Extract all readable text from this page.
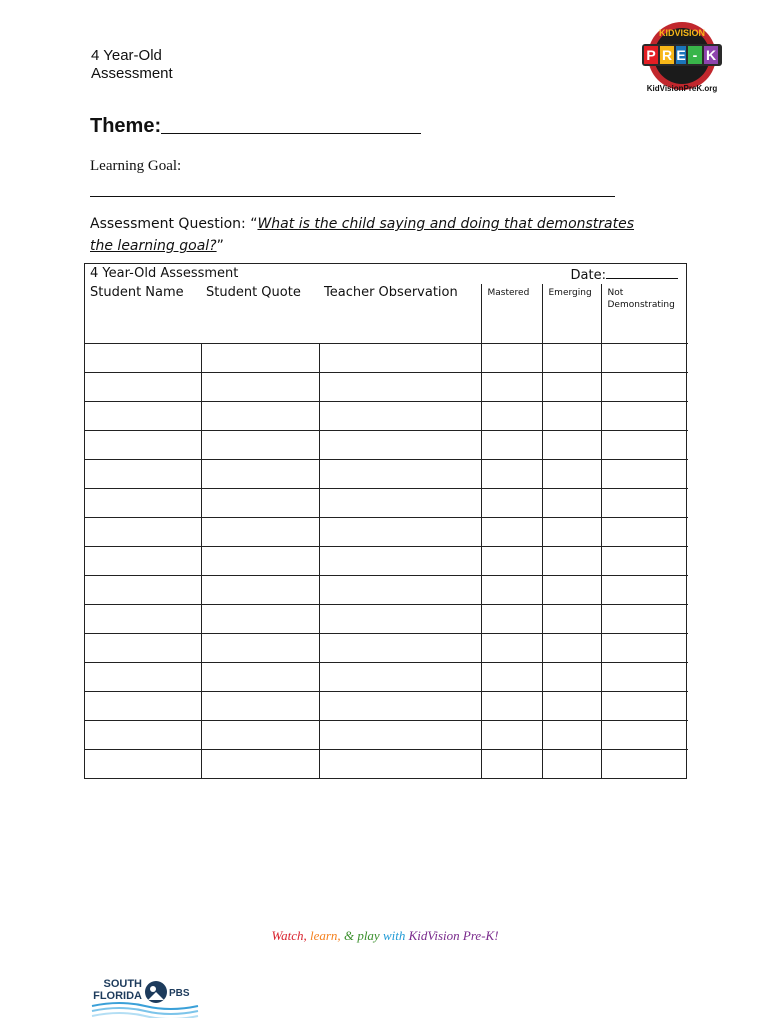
4 Year-Old
Assessment
P R E - K
KIDVISION
KidVisionPreK.org
Theme:
Learning Goal:
Assessment Question: “What is the child saying and doing that demonstrates the learning goal?”
4 Year-Old Assessment	Date:
Student Name	Student Quote	Teacher Observation	Mastered	Emerging	Not Demonstrating

Watch, learn, & play with KidVision Pre-K!
SOUTH
FLORIDA	PBS
